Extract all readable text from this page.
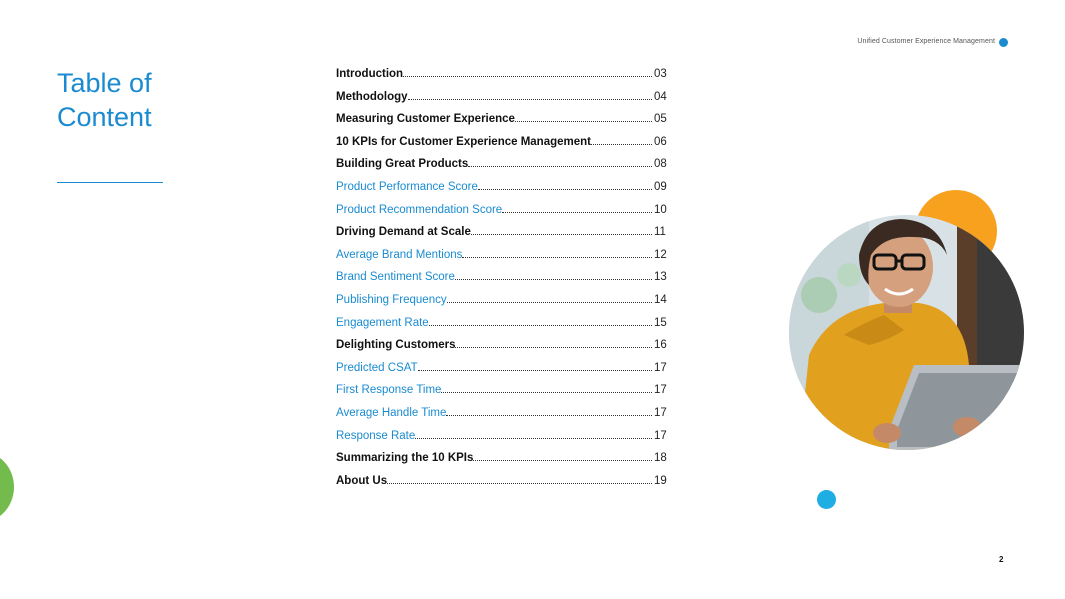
Unified Customer Experience Management
Table of
Content
Introduction	03
Methodology	04
Measuring Customer Experience	05
10 KPIs for Customer Experience Management	06
Building Great Products	08
Product Performance Score	09
Product Recommendation Score	10
Driving Demand at Scale	11
Average Brand Mentions	12
Brand Sentiment Score	13
Publishing Frequency	14
Engagement Rate	15
Delighting Customers	16
Predicted CSAT	17
First Response Time	17
Average Handle Time	17
Response Rate	17
Summarizing the 10 KPIs	18
About Us	19
2
